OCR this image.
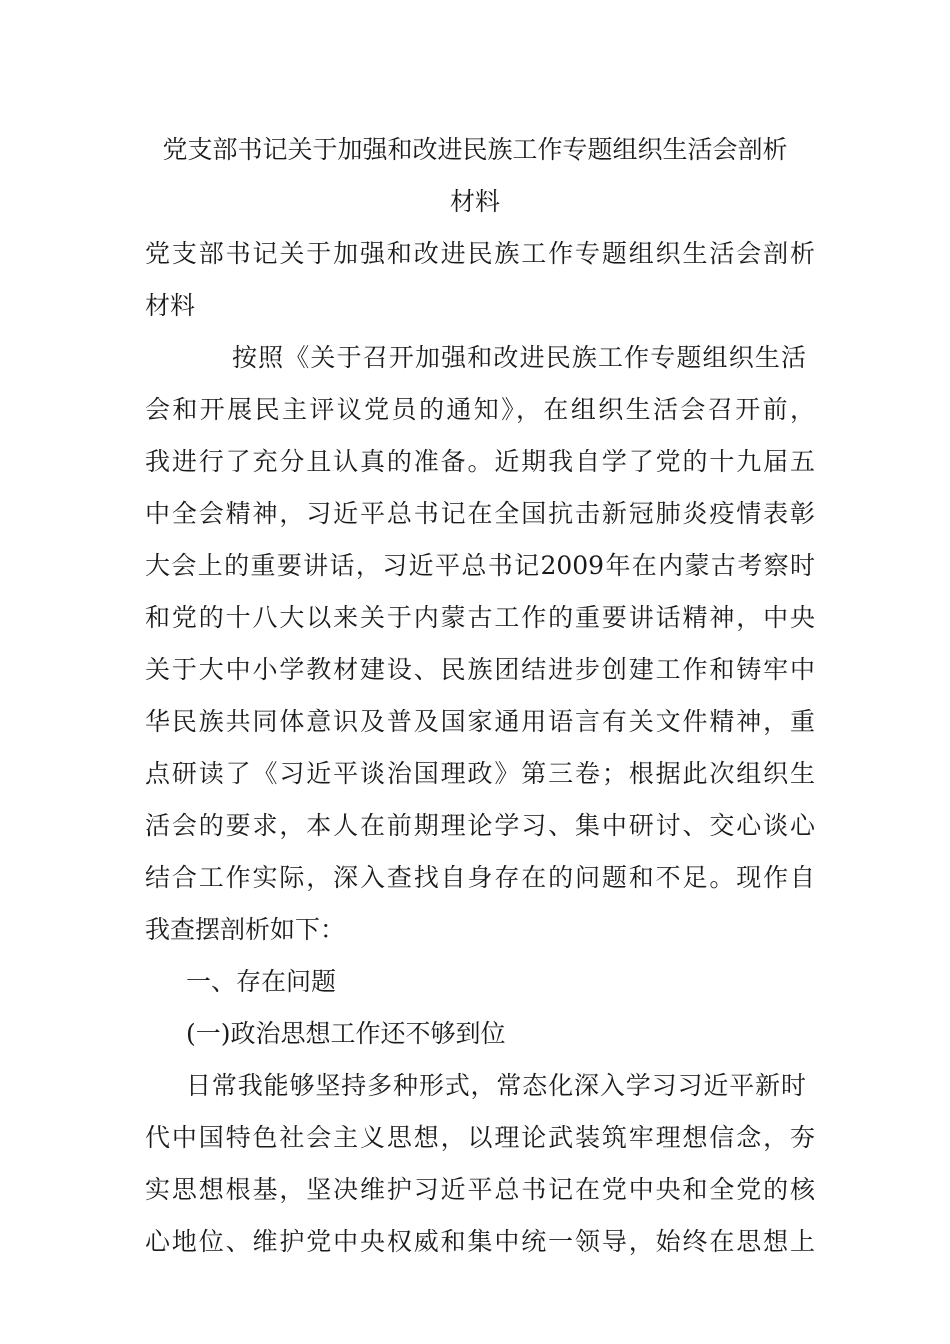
党支部书记关于加强和改进民族工作专题组织生活会剖析
材料
党支部书记关于加强和改进民族工作专题组织生活会剖析
材料
按照《关于召开加强和改进民族工作专题组织生活
会和开展民主评议党员的通知》，在组织生活会召开前，
我进行了充分且认真的准备。近期我自学了党的十九届五
中全会精神，习近平总书记在全国抗击新冠肺炎疫情表彰
大会上的重要讲话，习近平总书记2009年在内蒙古考察时
和党的十八大以来关于内蒙古工作的重要讲话精神，中央
关于大中小学教材建设、民族团结进步创建工作和铸牢中
华民族共同体意识及普及国家通用语言有关文件精神，重
点研读了《习近平谈治国理政》第三卷；根据此次组织生
活会的要求，本人在前期理论学习、集中研讨、交心谈心
结合工作实际，深入查找自身存在的问题和不足。现作自
我查摆剖析如下：
一、存在问题
(一)政治思想工作还不够到位
日常我能够坚持多种形式，常态化深入学习习近平新时
代中国特色社会主义思想，以理论武装筑牢理想信念，夯
实思想根基，坚决维护习近平总书记在党中央和全党的核
心地位、维护党中央权威和集中统一领导，始终在思想上
